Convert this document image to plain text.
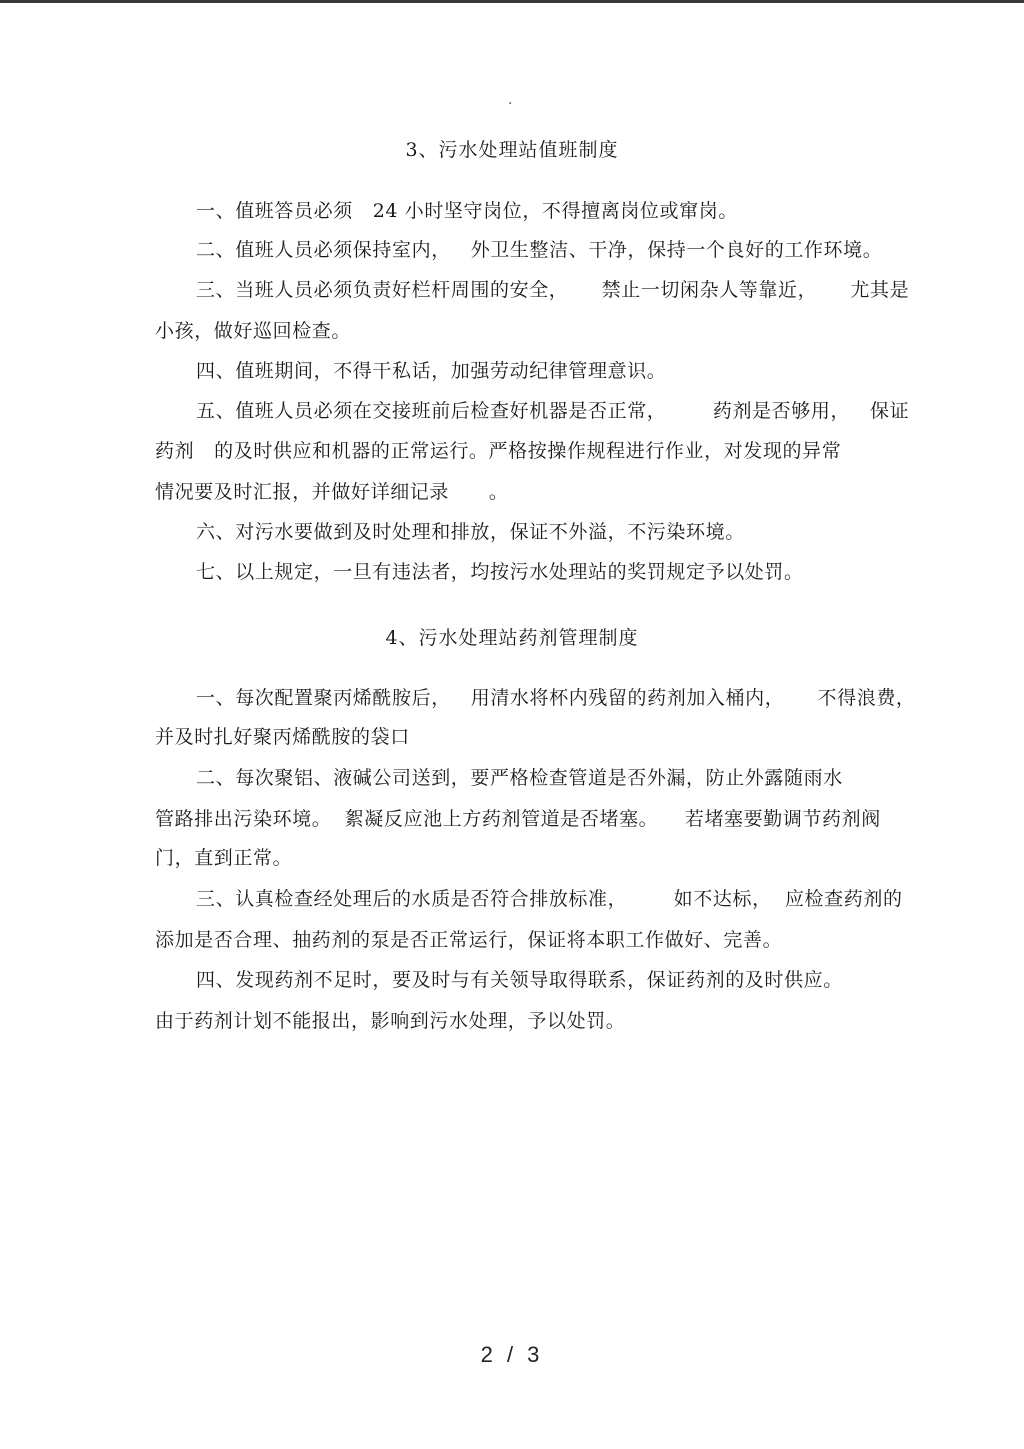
.
3、污水处理站值班制度
一、值班答员必须   24 小时坚守岗位，不得擅离岗位或窜岗。
二、值班人员必须保持室内，   外卫生整洁、干净，保持一个良好的工作环境。
三、当班人员必须负责好栏杆周围的安全，     禁止一切闲杂人等靠近，     尤其是
小孩，做好巡回检查。
四、值班期间，不得干私话，加强劳动纪律管理意识。
五、值班人员必须在交接班前后检查好机器是否正常，       药剂是否够用，   保证
药剂   的及时供应和机器的正常运行。严格按操作规程进行作业，对发现的异常
情况要及时汇报，并做好详细记录      。
六、对污水要做到及时处理和排放，保证不外溢，不污染环境。
七、以上规定，一旦有违法者，均按污水处理站的奖罚规定予以处罚。
4、污水处理站药剂管理制度
一、每次配置聚丙烯酰胺后，   用清水将杯内残留的药剂加入桶内，     不得浪费，
并及时扎好聚丙烯酰胺的袋口
二、每次聚铝、液碱公司送到，要严格检查管道是否外漏，防止外露随雨水
管路排出污染环境。  絮凝反应池上方药剂管道是否堵塞。    若堵塞要勤调节药剂阀
门，直到正常。
三、认真检查经处理后的水质是否符合排放标准，       如不达标，  应检查药剂的
添加是否合理、抽药剂的泵是否正常运行，保证将本职工作做好、完善。
四、发现药剂不足时，要及时与有关领导取得联系，保证药剂的及时供应。
由于药剂计划不能报出，影响到污水处理，予以处罚。
2 / 3
